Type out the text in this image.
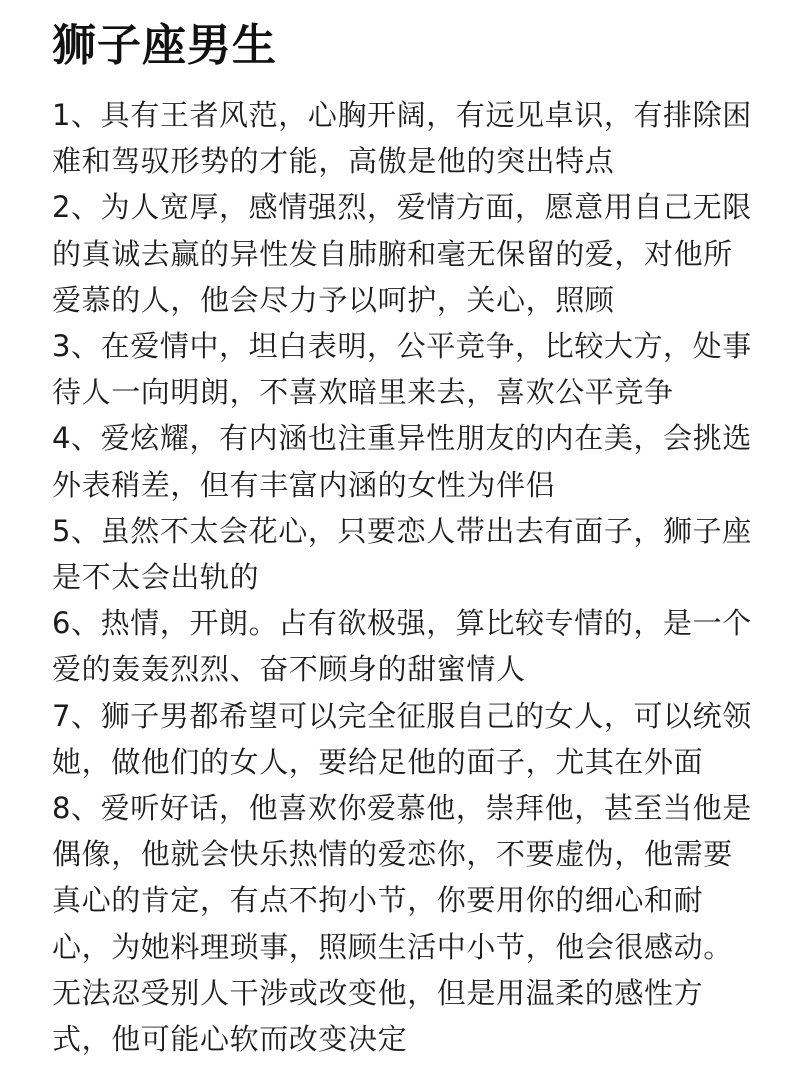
狮子座男生

1、具有王者风范，心胸开阔，有远见卓识，有排除困难和驾驭形势的才能，高傲是他的突出特点

2、为人宽厚，感情强烈，爱情方面，愿意用自己无限的真诚去赢的异性发自肺腑和毫无保留的爱，对他所爱慕的人，他会尽力予以呵护，关心，照顾

3、在爱情中，坦白表明，公平竞争，比较大方，处事待人一向明朗，不喜欢暗里来去，喜欢公平竞争

4、爱炫耀，有内涵也注重异性朋友的内在美，会挑选外表稍差，但有丰富内涵的女性为伴侣

5、虽然不太会花心，只要恋人带出去有面子，狮子座是不太会出轨的

6、热情，开朗。占有欲极强，算比较专情的，是一个爱的轰轰烈烈、奋不顾身的甜蜜情人

7、狮子男都希望可以完全征服自己的女人，可以统领她，做他们的女人，要给足他的面子，尤其在外面

8、爱听好话，他喜欢你爱慕他，崇拜他，甚至当他是偶像，他就会快乐热情的爱恋你，不要虚伪，他需要真心的肯定，有点不拘小节，你要用你的细心和耐心，为她料理琐事，照顾生活中小节，他会很感动。无法忍受别人干涉或改变他，但是用温柔的感性方式，他可能心软而改变决定
